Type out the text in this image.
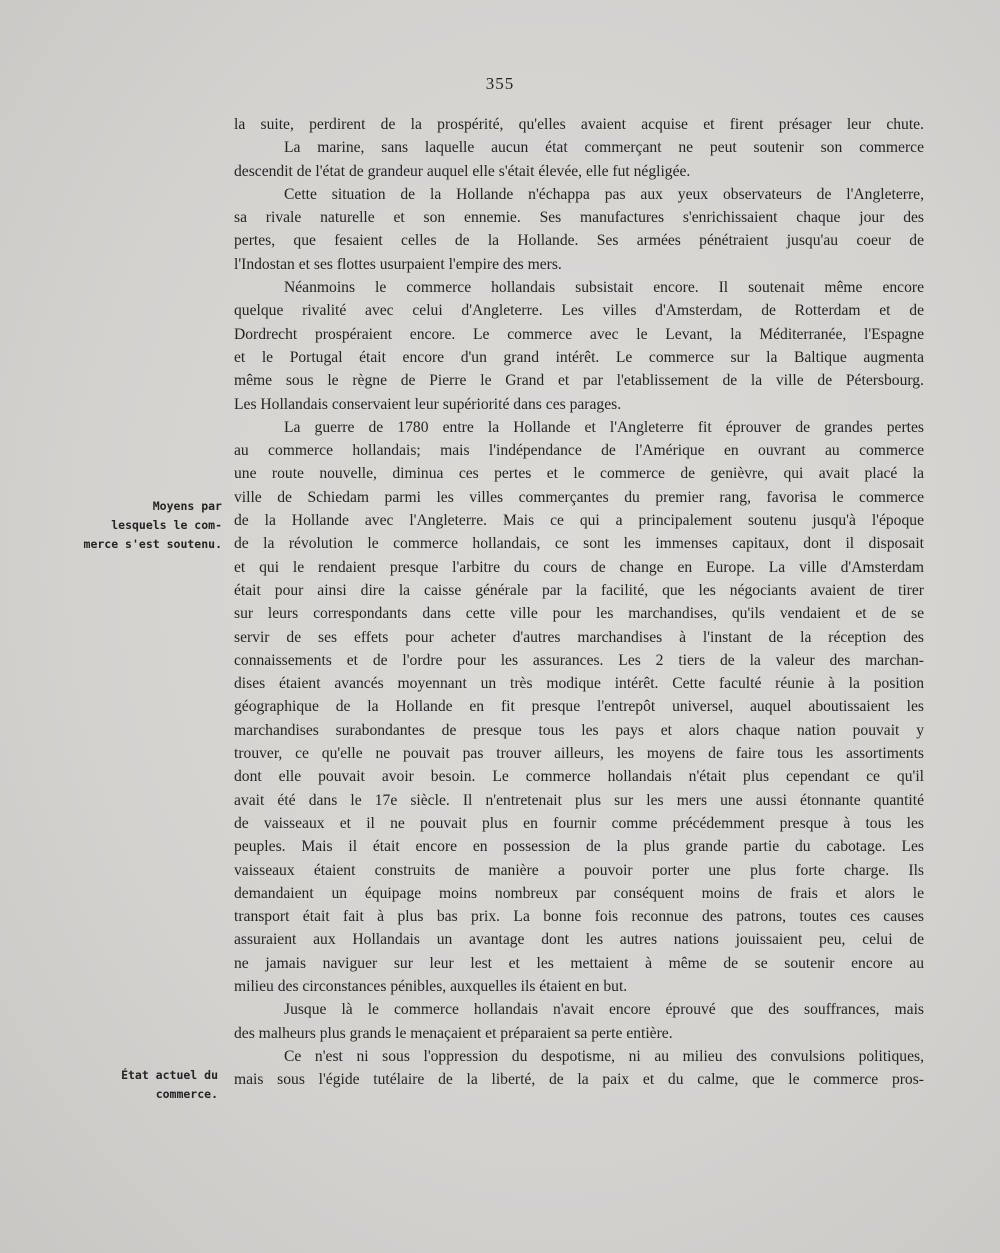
355
Moyens par
lesquels le com-
merce s'est soutenu.
État actuel du
commerce.
la suite, perdirent de la prospérité, qu'elles avaient acquise et firent présager leur chute.
La marine, sans laquelle aucun état commerçant ne peut soutenir son commerce
descendit de l'état de grandeur auquel elle s'était élevée, elle fut négligée.
Cette situation de la Hollande n'échappa pas aux yeux observateurs de l'Angleterre,
sa rivale naturelle et son ennemie. Ses manufactures s'enrichissaient chaque jour des
pertes, que fesaient celles de la Hollande. Ses armées pénétraient jusqu'au coeur de
l'Indostan et ses flottes usurpaient l'empire des mers.
Néanmoins le commerce hollandais subsistait encore. Il soutenait même encore
quelque rivalité avec celui d'Angleterre. Les villes d'Amsterdam, de Rotterdam et de
Dordrecht prospéraient encore. Le commerce avec le Levant, la Méditerranée, l'Espagne
et le Portugal était encore d'un grand intérêt. Le commerce sur la Baltique augmenta
même sous le règne de Pierre le Grand et par l'etablissement de la ville de Pétersbourg.
Les Hollandais conservaient leur supériorité dans ces parages.
La guerre de 1780 entre la Hollande et l'Angleterre fit éprouver de grandes pertes
au commerce hollandais; mais l'indépendance de l'Amérique en ouvrant au commerce
une route nouvelle, diminua ces pertes et le commerce de genièvre, qui avait placé la
ville de Schiedam parmi les villes commerçantes du premier rang, favorisa le commerce
de la Hollande avec l'Angleterre. Mais ce qui a principalement soutenu jusqu'à l'époque
de la révolution le commerce hollandais, ce sont les immenses capitaux, dont il disposait
et qui le rendaient presque l'arbitre du cours de change en Europe. La ville d'Amsterdam
était pour ainsi dire la caisse générale par la facilité, que les négociants avaient de tirer
sur leurs correspondants dans cette ville pour les marchandises, qu'ils vendaient et de se
servir de ses effets pour acheter d'autres marchandises à l'instant de la réception des
connaissements et de l'ordre pour les assurances. Les 2 tiers de la valeur des marchan-
dises étaient avancés moyennant un très modique intérêt. Cette faculté réunie à la position
géographique de la Hollande en fit presque l'entrepôt universel, auquel aboutissaient les
marchandises surabondantes de presque tous les pays et alors chaque nation pouvait y
trouver, ce qu'elle ne pouvait pas trouver ailleurs, les moyens de faire tous les assortiments
dont elle pouvait avoir besoin. Le commerce hollandais n'était plus cependant ce qu'il
avait été dans le 17e siècle. Il n'entretenait plus sur les mers une aussi étonnante quantité
de vaisseaux et il ne pouvait plus en fournir comme précédemment presque à tous les
peuples. Mais il était encore en possession de la plus grande partie du cabotage. Les
vaisseaux étaient construits de manière a pouvoir porter une plus forte charge. Ils
demandaient un équipage moins nombreux par conséquent moins de frais et alors le
transport était fait à plus bas prix. La bonne fois reconnue des patrons, toutes ces causes
assuraient aux Hollandais un avantage dont les autres nations jouissaient peu, celui de
ne jamais naviguer sur leur lest et les mettaient à même de se soutenir encore au
milieu des circonstances pénibles, auxquelles ils étaient en but.
Jusque là le commerce hollandais n'avait encore éprouvé que des souffrances, mais
des malheurs plus grands le menaçaient et préparaient sa perte entière.
Ce n'est ni sous l'oppression du despotisme, ni au milieu des convulsions politiques,
mais sous l'égide tutélaire de la liberté, de la paix et du calme, que le commerce pros-
